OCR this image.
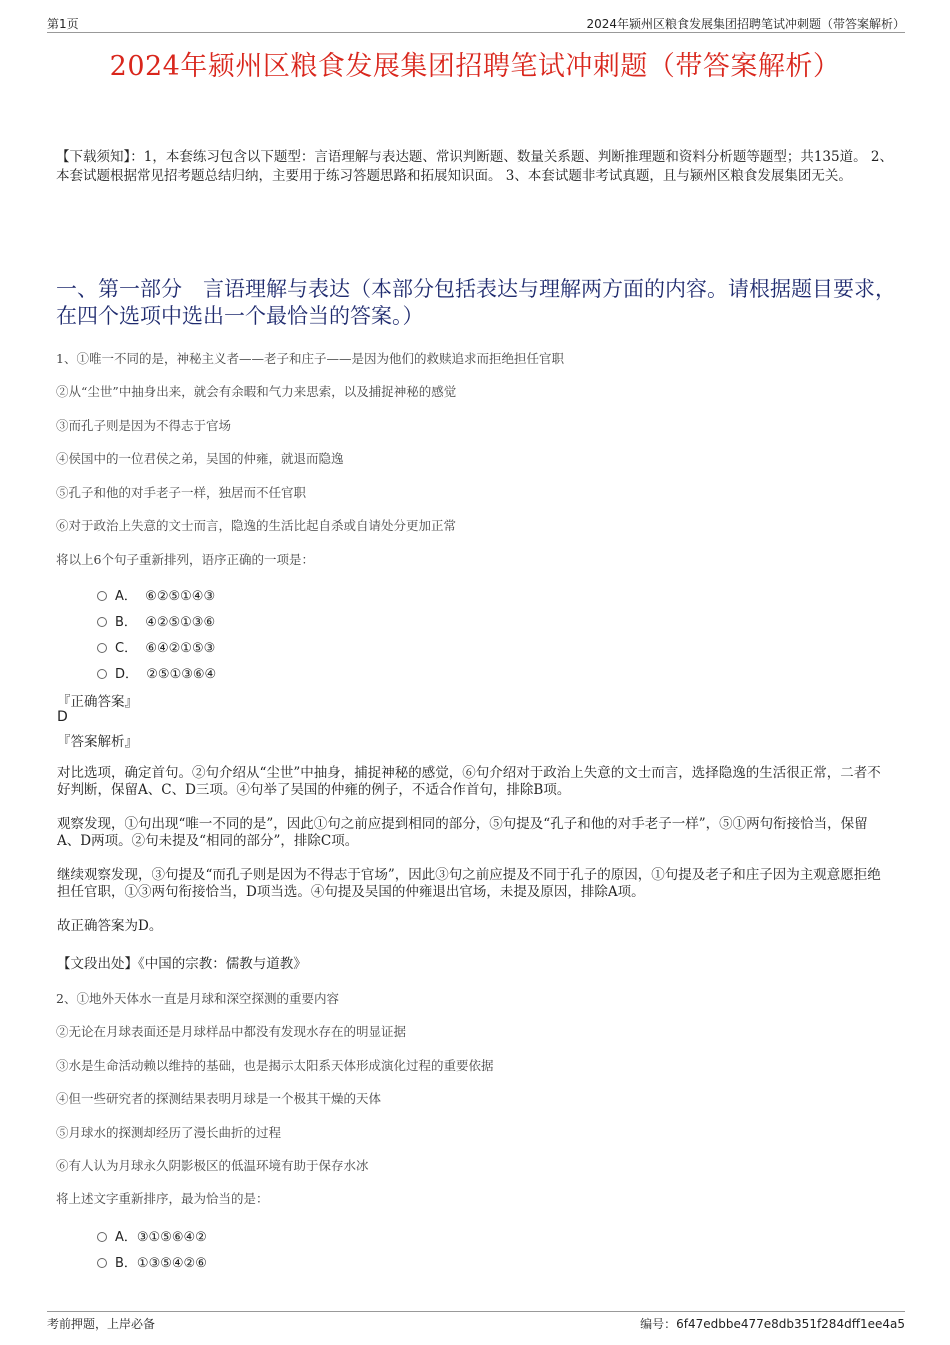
第1页	2024年颍州区粮食发展集团招聘笔试冲刺题（带答案解析）
2024年颍州区粮食发展集团招聘笔试冲刺题（带答案解析）
【下载须知】：1，本套练习包含以下题型：言语理解与表达题、常识判断题、数量关系题、判断推理题和资料分析题等题型；共135道。 2、本套试题根据常见招考题总结归纳，主要用于练习答题思路和拓展知识面。 3、本套试题非考试真题，且与颍州区粮食发展集团无关。
一、第一部分　言语理解与表达（本部分包括表达与理解两方面的内容。请根据题目要求，在四个选项中选出一个最恰当的答案。）
1、①唯一不同的是，神秘主义者——老子和庄子——是因为他们的救赎追求而拒绝担任官职
②从“尘世”中抽身出来，就会有余暇和气力来思索，以及捕捉神秘的感觉
③而孔子则是因为不得志于官场
④侯国中的一位君侯之弟，吴国的仲雍，就退而隐逸
⑤孔子和他的对手老子一样，独居而不任官职
⑥对于政治上失意的文士而言，隐逸的生活比起自杀或自请处分更加正常
将以上6个句子重新排列，语序正确的一项是：
A． ⑥②⑤①④③
B． ④②⑤①③⑥
C． ⑥④②①⑤③
D． ②⑤①③⑥④
『正确答案』
D
『答案解析』
对比选项，确定首句。②句介绍从“尘世”中抽身，捕捉神秘的感觉，⑥句介绍对于政治上失意的文士而言，选择隐逸的生活很正常，二者不好判断，保留A、C、D三项。④句举了吴国的仲雍的例子，不适合作首句，排除B项。
观察发现，①句出现“唯一不同的是”，因此①句之前应提到相同的部分，⑤句提及“孔子和他的对手老子一样”，⑤①两句衔接恰当，保留A、D两项。②句未提及“相同的部分”，排除C项。
继续观察发现，③句提及“而孔子则是因为不得志于官场”，因此③句之前应提及不同于孔子的原因，①句提及老子和庄子因为主观意愿拒绝担任官职，①③两句衔接恰当，D项当选。④句提及吴国的仲雍退出官场，未提及原因，排除A项。
故正确答案为D。
【文段出处】《中国的宗教：儒教与道教》
2、①地外天体水一直是月球和深空探测的重要内容
②无论在月球表面还是月球样品中都没有发现水存在的明显证据
③水是生命活动赖以维持的基础，也是揭示太阳系天体形成演化过程的重要依据
④但一些研究者的探测结果表明月球是一个极其干燥的天体
⑤月球水的探测却经历了漫长曲折的过程
⑥有人认为月球永久阴影极区的低温环境有助于保存水冰
将上述文字重新排序，最为恰当的是：
A．③①⑤⑥④②
B．①③⑤④②⑥
考前押题，上岸必备	编号：6f47edbbe477e8db351f284dff1ee4a5
